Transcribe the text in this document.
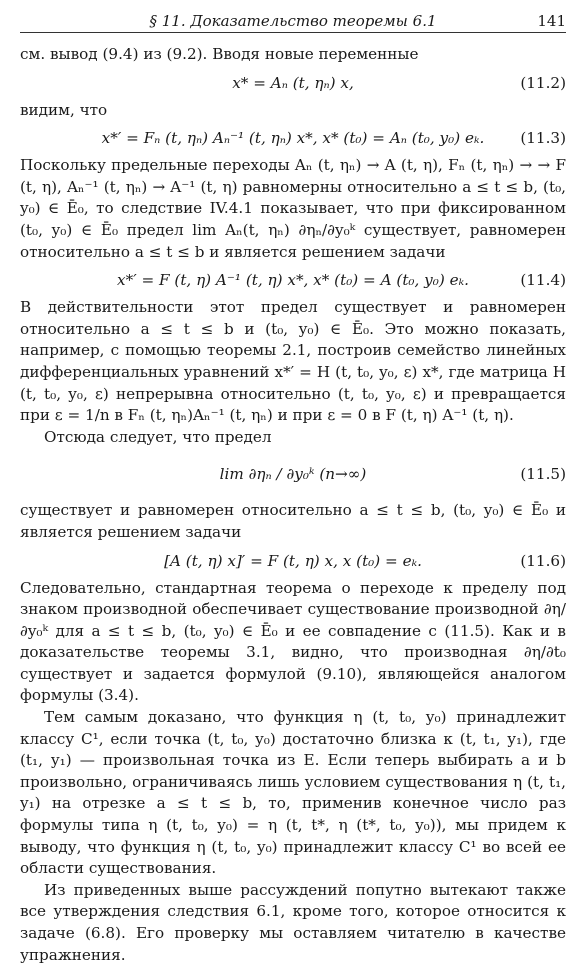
§ 11. Доказательство теоремы 6.1	141

см. вывод (9.4) из (9.2). Вводя новые переменные

x* = Aₙ (t, ηₙ) x,	(11.2)

видим, что

x*′ = Fₙ (t, ηₙ) Aₙ⁻¹ (t, ηₙ) x*, x* (t₀) = Aₙ (t₀, y₀) eₖ.	(11.3)

Поскольку предельные переходы Aₙ (t, ηₙ) → A (t, η), Fₙ (t, ηₙ) → → F (t, η), Aₙ⁻¹ (t, ηₙ) → A⁻¹ (t, η) равномерны относительно a ≤ t ≤ b, (t₀, y₀) ∈ Ē₀, то следствие IV.4.1 показывает, что при фиксированном (t₀, y₀) ∈ Ē₀ предел lim Aₙ(t, ηₙ) ∂ηₙ/∂y₀ᵏ существует, равномерен относительно a ≤ t ≤ b и является решением задачи

x*′ = F (t, η) A⁻¹ (t, η) x*, x* (t₀) = A (t₀, y₀) eₖ.	(11.4)

В действительности этот предел существует и равномерен относительно a ≤ t ≤ b и (t₀, y₀) ∈ Ē₀. Это можно показать, например, с помощью теоремы 2.1, построив семейство линейных дифференциальных уравнений x*′ = H (t, t₀, y₀, ε) x*, где матрица H (t, t₀, y₀, ε) непрерывна относительно (t, t₀, y₀, ε) и превращается при ε = 1/n в Fₙ (t, ηₙ)Aₙ⁻¹ (t, ηₙ) и при ε = 0 в F (t, η) A⁻¹ (t, η).

Отсюда следует, что предел

lim ∂ηₙ / ∂y₀ᵏ (n→∞)	(11.5)

существует и равномерен относительно a ≤ t ≤ b, (t₀, y₀) ∈ Ē₀ и является решением задачи

[A (t, η) x]′ = F (t, η) x, x (t₀) = eₖ.	(11.6)

Следовательно, стандартная теорема о переходе к пределу под знаком производной обеспечивает существование производной ∂η/∂y₀ᵏ для a ≤ t ≤ b, (t₀, y₀) ∈ Ē₀ и ее совпадение с (11.5). Как и в доказательстве теоремы 3.1, видно, что производная ∂η/∂t₀ существует и задается формулой (9.10), являющейся аналогом формулы (3.4).

Тем самым доказано, что функция η (t, t₀, y₀) принадлежит классу C¹, если точка (t, t₀, y₀) достаточно близка к (t, t₁, y₁), где (t₁, y₁) — произвольная точка из E. Если теперь выбирать a и b произвольно, ограничиваясь лишь условием существования η (t, t₁, y₁) на отрезке a ≤ t ≤ b, то, применив конечное число раз формулы типа η (t, t₀, y₀) = η (t, t*, η (t*, t₀, y₀)), мы придем к выводу, что функция η (t, t₀, y₀) принадлежит классу C¹ во всей ее области существования.

Из приведенных выше рассуждений попутно вытекают также все утверждения следствия 6.1, кроме того, которое относится к задаче (6.8). Его проверку мы оставляем читателю в качестве упражнения.
